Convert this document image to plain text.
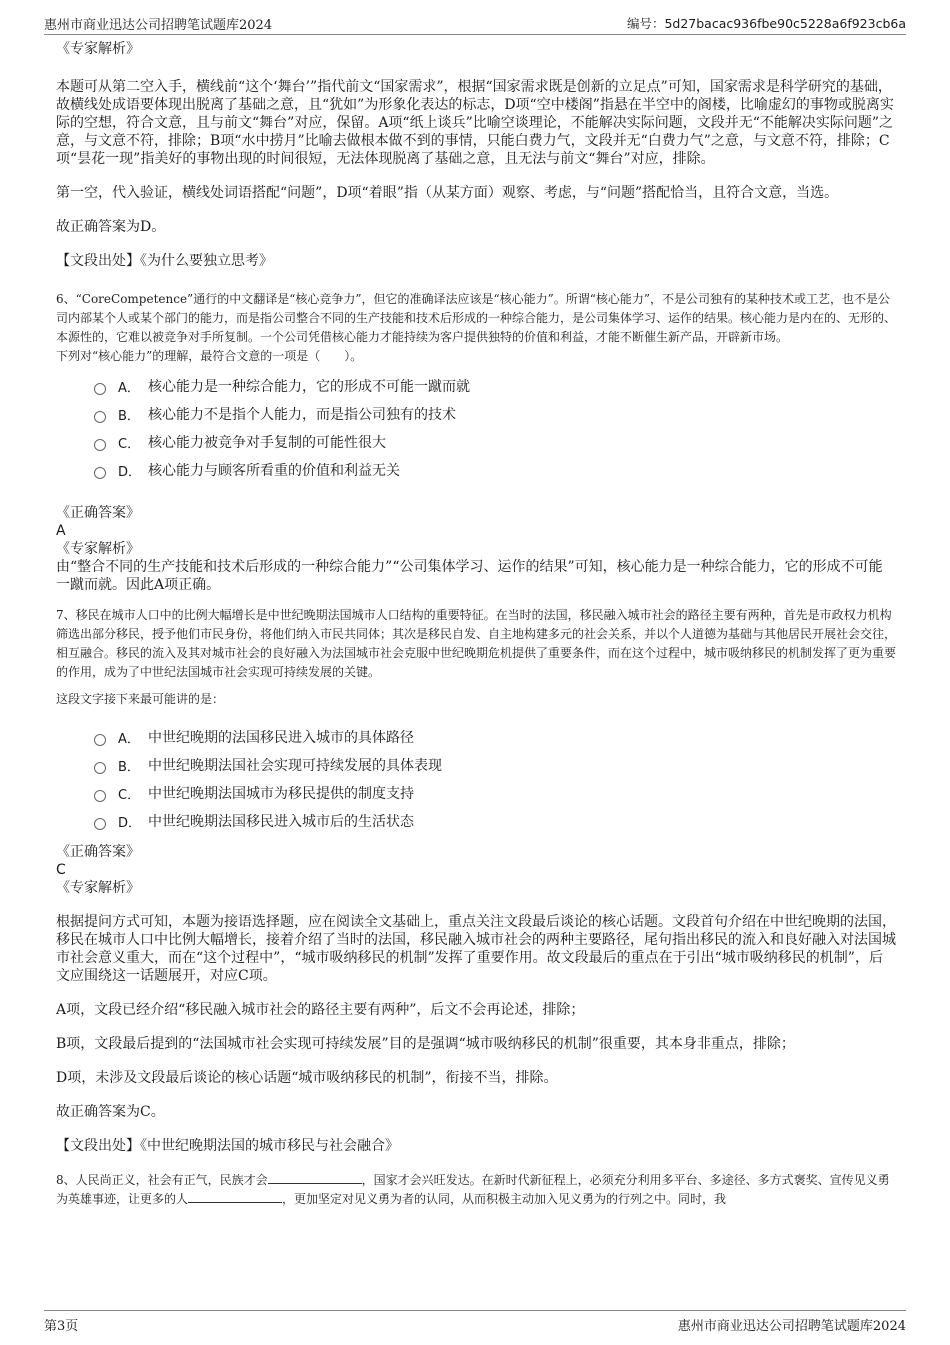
惠州市商业迅达公司招聘笔试题库2024	编号：5d27bacac936fbe90c5228a6f923cb6a

《专家解析》

本题可从第二空入手，横线前“这个‘舞台’”指代前文“国家需求”，根据“国家需求既是创新的立足点”可知，国家需求是科学研究的基础，故横线处成语要体现出脱离了基础之意，且“犹如”为形象化表达的标志，D项“空中楼阁”指悬在半空中的阁楼，比喻虚幻的事物或脱离实际的空想，符合文意，且与前文“舞台”对应，保留。A项“纸上谈兵”比喻空谈理论，不能解决实际问题，文段并无“不能解决实际问题”之意，与文意不符，排除；B项“水中捞月”比喻去做根本做不到的事情，只能白费力气，文段并无“白费力气”之意，与文意不符，排除；C项“昙花一现”指美好的事物出现的时间很短，无法体现脱离了基础之意，且无法与前文“舞台”对应，排除。

第一空，代入验证，横线处词语搭配“问题”，D项“着眼”指（从某方面）观察、考虑，与“问题”搭配恰当，且符合文意，当选。

故正确答案为D。

【文段出处】《为什么要独立思考》

6、“CoreCompetence”通行的中文翻译是“核心竞争力”，但它的准确译法应该是“核心能力”。所谓“核心能力”，不是公司独有的某种技术或工艺，也不是公司内部某个人或某个部门的能力，而是指公司整合不同的生产技能和技术后形成的一种综合能力，是公司集体学习、运作的结果。核心能力是内在的、无形的、本源性的，它难以被竞争对手所复制。一个公司凭借核心能力才能持续为客户提供独特的价值和利益，才能不断催生新产品，开辟新市场。

下列对“核心能力”的理解，最符合文意的一项是（　　）。

A． 核心能力是一种综合能力，它的形成不可能一蹴而就
B． 核心能力不是指个人能力，而是指公司独有的技术
C． 核心能力被竞争对手复制的可能性很大
D． 核心能力与顾客所看重的价值和利益无关

《正确答案》

A

《专家解析》

由“整合不同的生产技能和技术后形成的一种综合能力”“公司集体学习、运作的结果”可知，核心能力是一种综合能力，它的形成不可能一蹴而就。因此A项正确。

7、移民在城市人口中的比例大幅增长是中世纪晚期法国城市人口结构的重要特征。在当时的法国，移民融入城市社会的路径主要有两种，首先是市政权力机构筛选出部分移民，授予他们市民身份，将他们纳入市民共同体；其次是移民自发、自主地构建多元的社会关系，并以个人道德为基础与其他居民开展社会交往，相互融合。移民的流入及其对城市社会的良好融入为法国城市社会克服中世纪晚期危机提供了重要条件，而在这个过程中，城市吸纳移民的机制发挥了更为重要的作用，成为了中世纪法国城市社会实现可持续发展的关键。

这段文字接下来最可能讲的是：

A． 中世纪晚期的法国移民进入城市的具体路径
B． 中世纪晚期法国社会实现可持续发展的具体表现
C． 中世纪晚期法国城市为移民提供的制度支持
D． 中世纪晚期法国移民进入城市后的生活状态

《正确答案》

C

《专家解析》

根据提问方式可知，本题为接语选择题，应在阅读全文基础上，重点关注文段最后谈论的核心话题。文段首句介绍在中世纪晚期的法国，移民在城市人口中比例大幅增长，接着介绍了当时的法国，移民融入城市社会的两种主要路径，尾句指出移民的流入和良好融入对法国城市社会意义重大，而在“这个过程中”，“城市吸纳移民的机制”发挥了重要作用。故文段最后的重点在于引出“城市吸纳移民的机制”，后文应围绕这一话题展开，对应C项。

A项，文段已经介绍“移民融入城市社会的路径主要有两种”，后文不会再论述，排除；

B项，文段最后提到的“法国城市社会实现可持续发展”目的是强调“城市吸纳移民的机制”很重要，其本身非重点，排除；

D项，未涉及文段最后谈论的核心话题“城市吸纳移民的机制”，衔接不当，排除。

故正确答案为C。

【文段出处】《中世纪晚期法国的城市移民与社会融合》

8、人民尚正义，社会有正气，民族才会	，国家才会兴旺发达。在新时代新征程上，必须充分利用多平台、多途径、多方式褒奖、宣传见义勇为英雄事迹，让更多的人	，更加坚定对见义勇为者的认同，从而积极主动加入见义勇为的行列之中。同时，我

第3页	惠州市商业迅达公司招聘笔试题库2024
